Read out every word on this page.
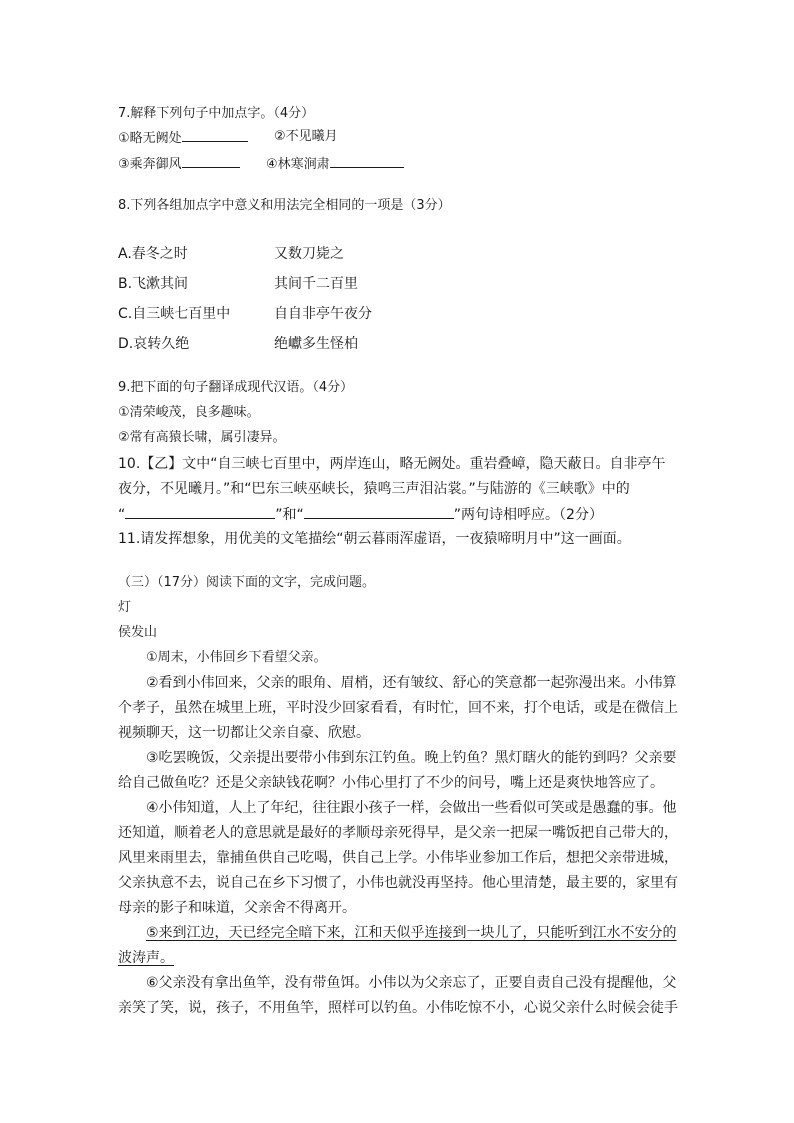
7.解释下列句子中加点字。（4分）
①略无阙处	②不见曦月
③乘奔御风	④林寒涧肃
8.下列各组加点字中意义和用法完全相同的一项是（3分）
A.春冬之时	又数刀毙之
B.飞漱其间	其间千二百里
C.自三峡七百里中	自自非亭午夜分
D.哀转久绝	绝巘多生怪柏
9.把下面的句子翻译成现代汉语。（4分）
①清荣峻茂，良多趣味。
②常有高猿长啸，属引凄异。
10.【乙】文中“自三峡七百里中，两岸连山，略无阙处。重岩叠嶂，隐天蔽日。自非亭午
夜分，不见曦月。”和“巴东三峡巫峡长，猿鸣三声泪沾裳。”与陆游的《三峡歌》中的
“	”和“	”两句诗相呼应。（2分）
11.请发挥想象，用优美的文笔描绘“朝云暮雨浑虚语，一夜猿啼明月中”这一画面。
（三）（17分）阅读下面的文字，完成问题。
灯
侯发山
①周末，小伟回乡下看望父亲。
②看到小伟回来，父亲的眼角、眉梢，还有皱纹、舒心的笑意都一起弥漫出来。小伟算
个孝子，虽然在城里上班，平时没少回家看看，有时忙，回不来，打个电话，或是在微信上
视频聊天，这一切都让父亲自豪、欣慰。
③吃罢晚饭，父亲提出要带小伟到东江钓鱼。晚上钓鱼？黑灯瞎火的能钓到吗？父亲要
给自己做鱼吃？还是父亲缺钱花啊？小伟心里打了不少的问号，嘴上还是爽快地答应了。
④小伟知道，人上了年纪，往往跟小孩子一样，会做出一些看似可笑或是愚蠢的事。他
还知道，顺着老人的意思就是最好的孝顺母亲死得早，是父亲一把屎一嘴饭把自己带大的，
风里来雨里去，靠捕鱼供自己吃喝，供自己上学。小伟毕业参加工作后，想把父亲带进城，
父亲执意不去，说自己在乡下习惯了，小伟也就没再坚持。他心里清楚，最主要的，家里有
母亲的影子和味道，父亲舍不得离开。
⑤来到江边，天已经完全暗下来，江和天似乎连接到一块儿了，只能听到江水不安分的
波涛声。
⑥父亲没有拿出鱼竿，没有带鱼饵。小伟以为父亲忘了，正要自责自己没有提醒他，父
亲笑了笑，说，孩子，不用鱼竿，照样可以钓鱼。小伟吃惊不小，心说父亲什么时候会徒手
